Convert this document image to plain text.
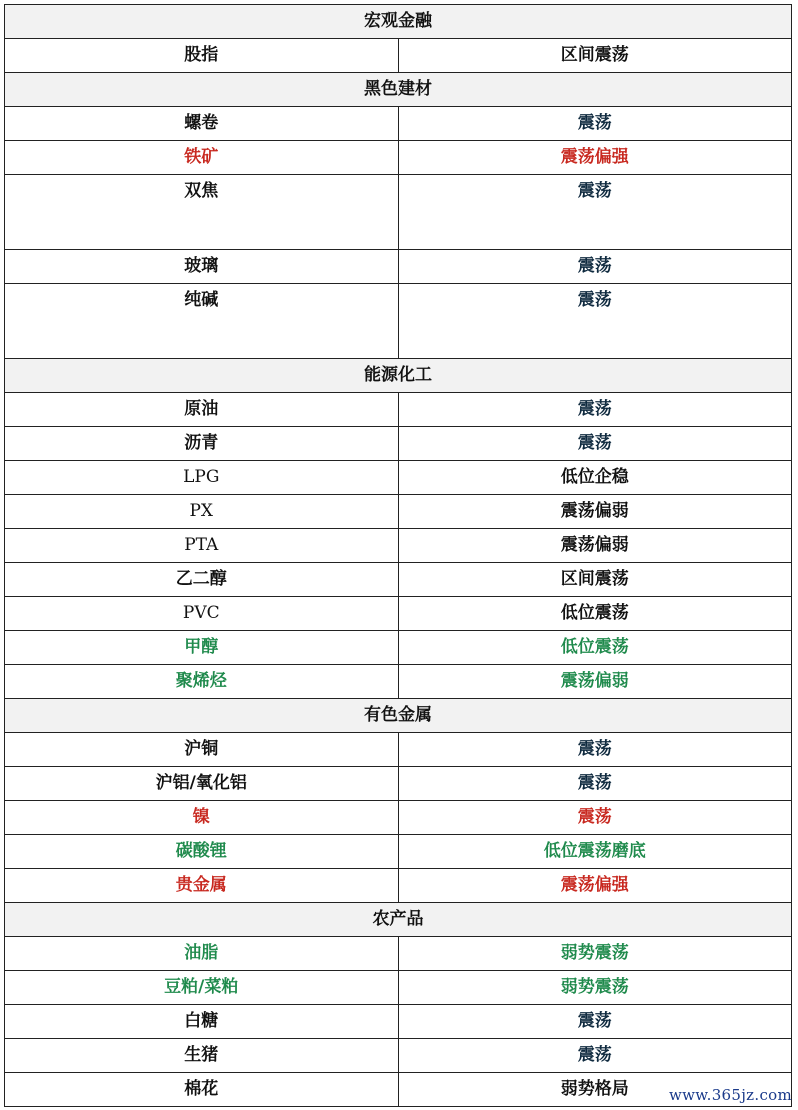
宏观金融	
股指	区间震荡
黑色建材	
螺卷	震荡
铁矿	震荡偏强
双焦	震荡
玻璃	震荡
纯碱	震荡
能源化工	
原油	震荡
沥青	震荡
LPG	低位企稳
PX	震荡偏弱
PTA	震荡偏弱
乙二醇	区间震荡
PVC	低位震荡
甲醇	低位震荡
聚烯烃	震荡偏弱
有色金属	
沪铜	震荡
沪铝/氧化铝	震荡
镍	震荡
碳酸锂	低位震荡磨底
贵金属	震荡偏强
农产品	
油脂	弱势震荡
豆粕/菜粕	弱势震荡
白糖	震荡
生猪	震荡
棉花	弱势格局	www.365jz.com
